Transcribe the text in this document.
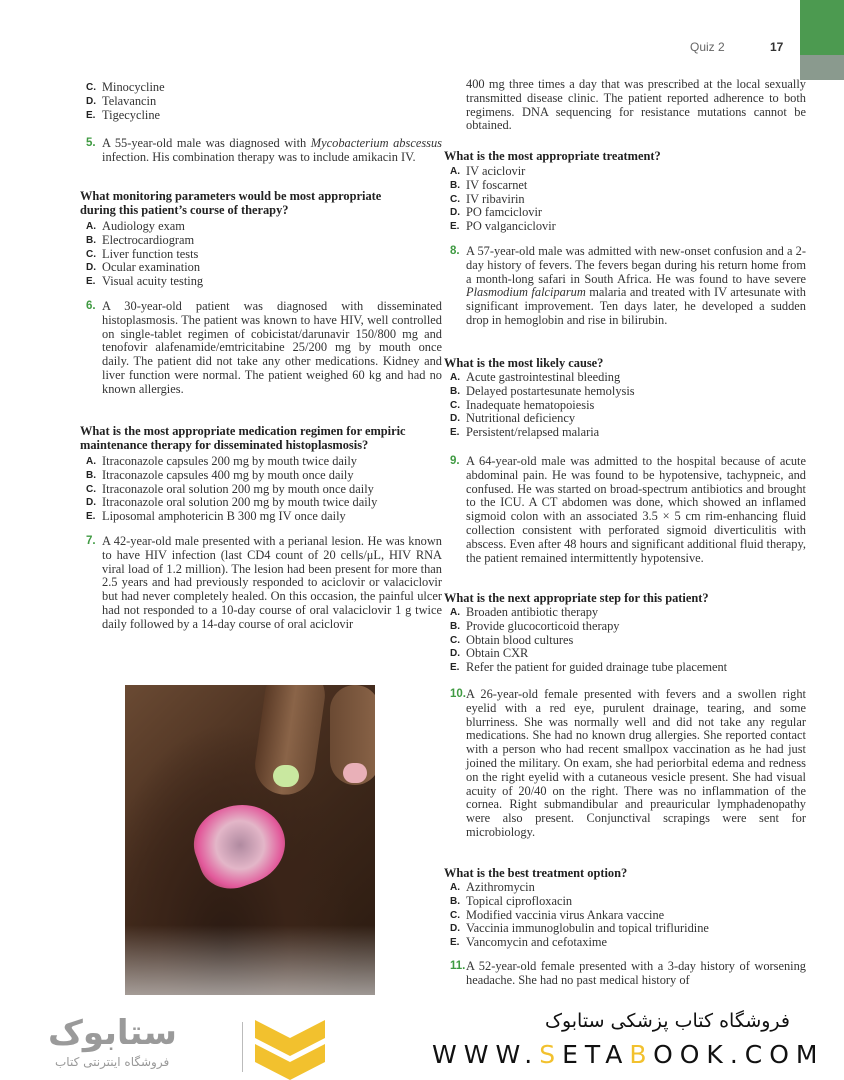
Quiz 2	17
C. Minocycline
D. Telavancin
E. Tigecycline
5. A 55-year-old male was diagnosed with Mycobacterium abscessus infection. His combination therapy was to include amikacin IV.
What monitoring parameters would be most appropriate during this patient’s course of therapy?
A. Audiology exam
B. Electrocardiogram
C. Liver function tests
D. Ocular examination
E. Visual acuity testing
6. A 30-year-old patient was diagnosed with disseminated histoplasmosis. The patient was known to have HIV, well controlled on single-tablet regimen of cobicistat/darunavir 150/800 mg and tenofovir alafenamide/emtricitabine 25/200 mg by mouth once daily. The patient did not take any other medications. Kidney and liver function were normal. The patient weighed 60 kg and had no known allergies.
What is the most appropriate medication regimen for empiric maintenance therapy for disseminated histoplasmosis?
A. Itraconazole capsules 200 mg by mouth twice daily
B. Itraconazole capsules 400 mg by mouth once daily
C. Itraconazole oral solution 200 mg by mouth once daily
D. Itraconazole oral solution 200 mg by mouth twice daily
E. Liposomal amphotericin B 300 mg IV once daily
7. A 42-year-old male presented with a perianal lesion. He was known to have HIV infection (last CD4 count of 20 cells/μL, HIV RNA viral load of 1.2 million). The lesion had been present for more than 2.5 years and had previously responded to aciclovir or valaciclovir but had never completely healed. On this occasion, the painful ulcer had not responded to a 10-day course of oral valaciclovir 1 g twice daily followed by a 14-day course of oral aciclovir
400 mg three times a day that was prescribed at the local sexually transmitted disease clinic. The patient reported adherence to both regimens. DNA sequencing for resistance mutations cannot be obtained.
What is the most appropriate treatment?
A. IV aciclovir
B. IV foscarnet
C. IV ribavirin
D. PO famciclovir
E. PO valganciclovir
8. A 57-year-old male was admitted with new-onset confusion and a 2-day history of fevers. The fevers began during his return home from a month-long safari in South Africa. He was found to have severe Plasmodium falciparum malaria and treated with IV artesunate with significant improvement. Ten days later, he developed a sudden drop in hemoglobin and rise in bilirubin.
What is the most likely cause?
A. Acute gastrointestinal bleeding
B. Delayed postartesunate hemolysis
C. Inadequate hematopoiesis
D. Nutritional deficiency
E. Persistent/relapsed malaria
9. A 64-year-old male was admitted to the hospital because of acute abdominal pain. He was found to be hypotensive, tachypneic, and confused. He was started on broad-spectrum antibiotics and brought to the ICU. A CT abdomen was done, which showed an inflamed sigmoid colon with an associated 3.5 × 5 cm rim-enhancing fluid collection consistent with perforated sigmoid diverticulitis with abscess. Even after 48 hours and significant additional fluid therapy, the patient remained intermittently hypotensive.
What is the next appropriate step for this patient?
A. Broaden antibiotic therapy
B. Provide glucocorticoid therapy
C. Obtain blood cultures
D. Obtain CXR
E. Refer the patient for guided drainage tube placement
10. A 26-year-old female presented with fevers and a swollen right eyelid with a red eye, purulent drainage, tearing, and some blurriness. She was normally well and did not take any regular medications. She had no known drug allergies. She reported contact with a person who had recent smallpox vaccination as he had just joined the military. On exam, she had periorbital edema and redness on the right eyelid with a cutaneous vesicle present. She had visual acuity of 20/40 on the right. There was no inflammation of the cornea. Right submandibular and preauricular lymphadenopathy were also present. Conjunctival scrapings were sent for microbiology.
What is the best treatment option?
A. Azithromycin
B. Topical ciprofloxacin
C. Modified vaccinia virus Ankara vaccine
D. Vaccinia immunoglobulin and topical trifluridine
E. Vancomycin and cefotaxime
11. A 52-year-old female presented with a 3-day history of worsening headache. She had no past medical history of
ستابوک
فروشگاه اینترنتی کتاب
فروشگاه کتاب پزشکی ستابوک
WWW.SETABOOK.COM
